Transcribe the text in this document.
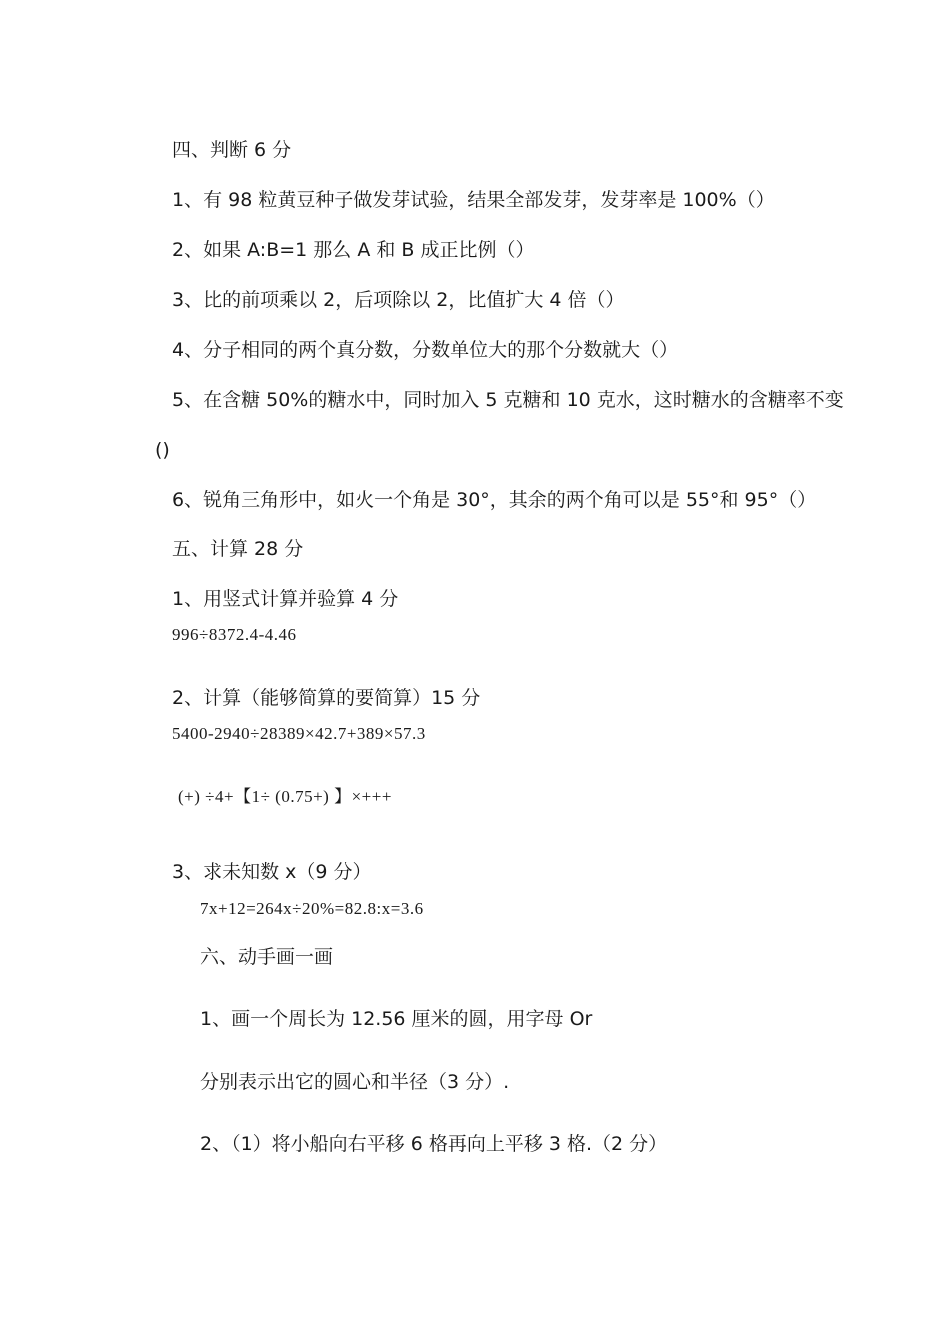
四、判断 6 分
1、有 98 粒黄豆种子做发芽试验，结果全部发芽，发芽率是 100%（）
2、如果 A:B=1 那么 A 和 B 成正比例（）
3、比的前项乘以 2，后项除以 2，比值扩大 4 倍（）
4、分子相同的两个真分数，分数单位大的那个分数就大（）
5、在含糖 50%的糖水中，同时加入 5 克糖和 10 克水，这时糖水的含糖率不变
()
6、锐角三角形中，如火一个角是 30°，其余的两个角可以是 55°和 95°（）
五、计算 28 分
1、用竖式计算并验算 4 分
996÷8372.4-4.46
2、计算（能够简算的要简算）15 分
5400-2940÷28389×42.7+389×57.3
(+) ÷4+【1÷ (0.75+) 】×+++
3、求未知数 x（9 分）
7x+12=264x÷20%=82.8:x=3.6
六、动手画一画
1、画一个周长为 12.56 厘米的圆，用字母 Or
分别表示出它的圆心和半径（3 分）.
2、（1）将小船向右平移 6 格再向上平移 3 格.（2 分）
